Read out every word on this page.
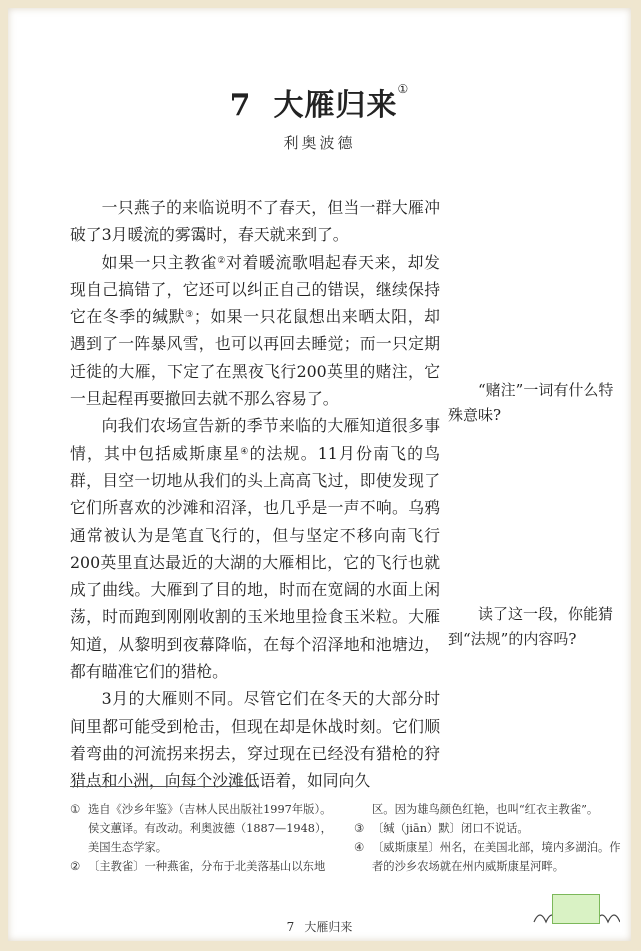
7 大雁归来①
利奥波德

一只燕子的来临说明不了春天，但当一群大雁冲破了3月暖流的雾霭时，春天就来到了。

如果一只主教雀②对着暖流歌唱起春天来，却发现自己搞错了，它还可以纠正自己的错误，继续保持它在冬季的缄默③；如果一只花鼠想出来晒太阳，却遇到了一阵暴风雪，也可以再回去睡觉；而一只定期迁徙的大雁，下定了在黑夜飞行200英里的赌注，它一旦起程再要撤回去就不那么容易了。

向我们农场宣告新的季节来临的大雁知道很多事情，其中包括威斯康星④的法规。11月份南飞的鸟群，目空一切地从我们的头上高高飞过，即使发现了它们所喜欢的沙滩和沼泽，也几乎是一声不响。乌鸦通常被认为是笔直飞行的，但与坚定不移向南飞行200英里直达最近的大湖的大雁相比，它的飞行也就成了曲线。大雁到了目的地，时而在宽阔的水面上闲荡，时而跑到刚刚收割的玉米地里捡食玉米粒。大雁知道，从黎明到夜幕降临，在每个沼泽地和池塘边，都有瞄准它们的猎枪。

3月的大雁则不同。尽管它们在冬天的大部分时间里都可能受到枪击，但现在却是休战时刻。它们顺着弯曲的河流拐来拐去，穿过现在已经没有猎枪的狩猎点和小洲，向每个沙滩低语着，如同向久

“赌注”一词有什么特殊意味?
读了这一段，你能猜到“法规”的内容吗?
① 选自《沙乡年鉴》（吉林人民出版社1997年版）。侯文蕙译。有改动。利奥波德（1887—1948），美国生态学家。
② 〔主教雀〕一种燕雀，分布于北美落基山以东地
区。因为雄鸟颜色红艳，也叫“红衣主教雀”。
③ 〔缄（jiān）默〕闭口不说话。
④ 〔威斯康星〕州名，在美国北部，境内多湖泊。作者的沙乡农场就在州内威斯康星河畔。
7 大雁归来
